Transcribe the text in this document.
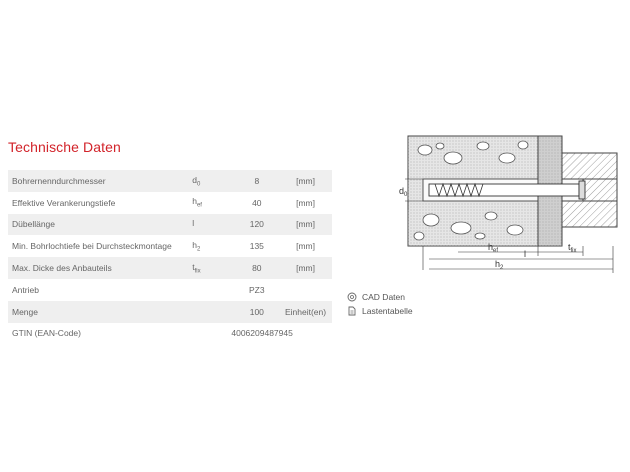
Technische Daten
Bohrernenndurchmesser	$d_0$	8	[mm]
Effektive Verankerungstiefe	$h_{ef}$	40	[mm]
Dübellänge	l	120	[mm]
Min. Bohrlochtiefe bei Durchsteckmontage	$h_2$	135	[mm]
Max. Dicke des Anbauteils	$t_{fix}$	80	[mm]
Antrieb		PZ3	
Menge		100	Einheit(en)
GTIN (EAN-Code)	4006209487945		
CAD Daten
Lastentabelle
$d_0$
$h_{ef}$	$t_{fix}$
l
$h_2$
